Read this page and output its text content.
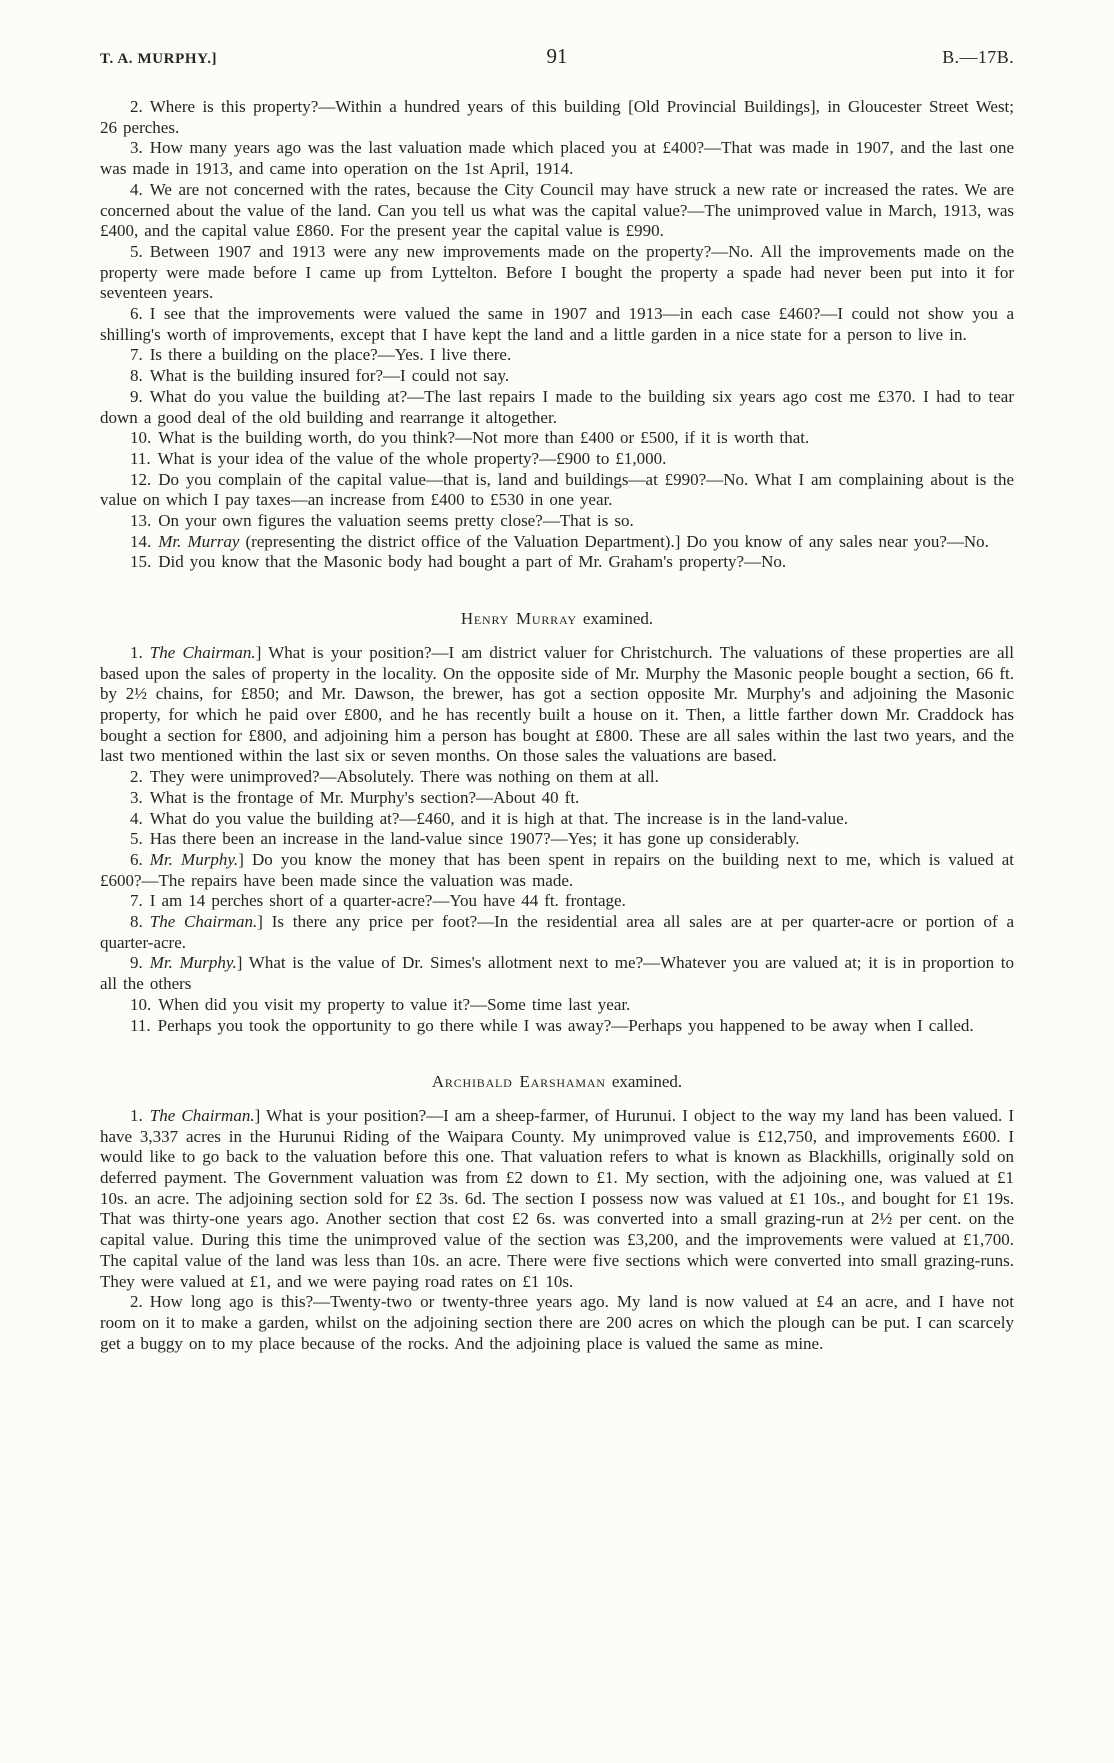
T. A. MURPHY.]	91	B.—17B.

2. Where is this property?—Within a hundred years of this building [Old Provincial Buildings], in Gloucester Street West; 26 perches.

3. How many years ago was the last valuation made which placed you at £400?—That was made in 1907, and the last one was made in 1913, and came into operation on the 1st April, 1914.

4. We are not concerned with the rates, because the City Council may have struck a new rate or increased the rates. We are concerned about the value of the land. Can you tell us what was the capital value?—The unimproved value in March, 1913, was £400, and the capital value £860. For the present year the capital value is £990.

5. Between 1907 and 1913 were any new improvements made on the property?—No. All the improvements made on the property were made before I came up from Lyttelton. Before I bought the property a spade had never been put into it for seventeen years.

6. I see that the improvements were valued the same in 1907 and 1913—in each case £460?—I could not show you a shilling's worth of improvements, except that I have kept the land and a little garden in a nice state for a person to live in.

7. Is there a building on the place?—Yes. I live there.

8. What is the building insured for?—I could not say.

9. What do you value the building at?—The last repairs I made to the building six years ago cost me £370. I had to tear down a good deal of the old building and rearrange it altogether.

10. What is the building worth, do you think?—Not more than £400 or £500, if it is worth that.

11. What is your idea of the value of the whole property?—£900 to £1,000.

12. Do you complain of the capital value—that is, land and buildings—at £990?—No. What I am complaining about is the value on which I pay taxes—an increase from £400 to £530 in one year.

13. On your own figures the valuation seems pretty close?—That is so.

14. Mr. Murray (representing the district office of the Valuation Department).] Do you know of any sales near you?—No.

15. Did you know that the Masonic body had bought a part of Mr. Graham's property?—No.

Henry Murray examined.

1. The Chairman.] What is your position?—I am district valuer for Christchurch. The valuations of these properties are all based upon the sales of property in the locality. On the opposite side of Mr. Murphy the Masonic people bought a section, 66 ft. by 2½ chains, for £850; and Mr. Dawson, the brewer, has got a section opposite Mr. Murphy's and adjoining the Masonic property, for which he paid over £800, and he has recently built a house on it. Then, a little farther down Mr. Craddock has bought a section for £800, and adjoining him a person has bought at £800. These are all sales within the last two years, and the last two mentioned within the last six or seven months. On those sales the valuations are based.

2. They were unimproved?—Absolutely. There was nothing on them at all.

3. What is the frontage of Mr. Murphy's section?—About 40 ft.

4. What do you value the building at?—£460, and it is high at that. The increase is in the land-value.

5. Has there been an increase in the land-value since 1907?—Yes; it has gone up considerably.

6. Mr. Murphy.] Do you know the money that has been spent in repairs on the building next to me, which is valued at £600?—The repairs have been made since the valuation was made.

7. I am 14 perches short of a quarter-acre?—You have 44 ft. frontage.

8. The Chairman.] Is there any price per foot?—In the residential area all sales are at per quarter-acre or portion of a quarter-acre.

9. Mr. Murphy.] What is the value of Dr. Simes's allotment next to me?—Whatever you are valued at; it is in proportion to all the others

10. When did you visit my property to value it?—Some time last year.

11. Perhaps you took the opportunity to go there while I was away?—Perhaps you happened to be away when I called.

Archibald Earshaman examined.

1. The Chairman.] What is your position?—I am a sheep-farmer, of Hurunui. I object to the way my land has been valued. I have 3,337 acres in the Hurunui Riding of the Waipara County. My unimproved value is £12,750, and improvements £600. I would like to go back to the valuation before this one. That valuation refers to what is known as Blackhills, originally sold on deferred payment. The Government valuation was from £2 down to £1. My section, with the adjoining one, was valued at £1 10s. an acre. The adjoining section sold for £2 3s. 6d. The section I possess now was valued at £1 10s., and bought for £1 19s. That was thirty-one years ago. Another section that cost £2 6s. was converted into a small grazing-run at 2½ per cent. on the capital value. During this time the unimproved value of the section was £3,200, and the improvements were valued at £1,700. The capital value of the land was less than 10s. an acre. There were five sections which were converted into small grazing-runs. They were valued at £1, and we were paying road rates on £1 10s.

2. How long ago is this?—Twenty-two or twenty-three years ago. My land is now valued at £4 an acre, and I have not room on it to make a garden, whilst on the adjoining section there are 200 acres on which the plough can be put. I can scarcely get a buggy on to my place because of the rocks. And the adjoining place is valued the same as mine.
